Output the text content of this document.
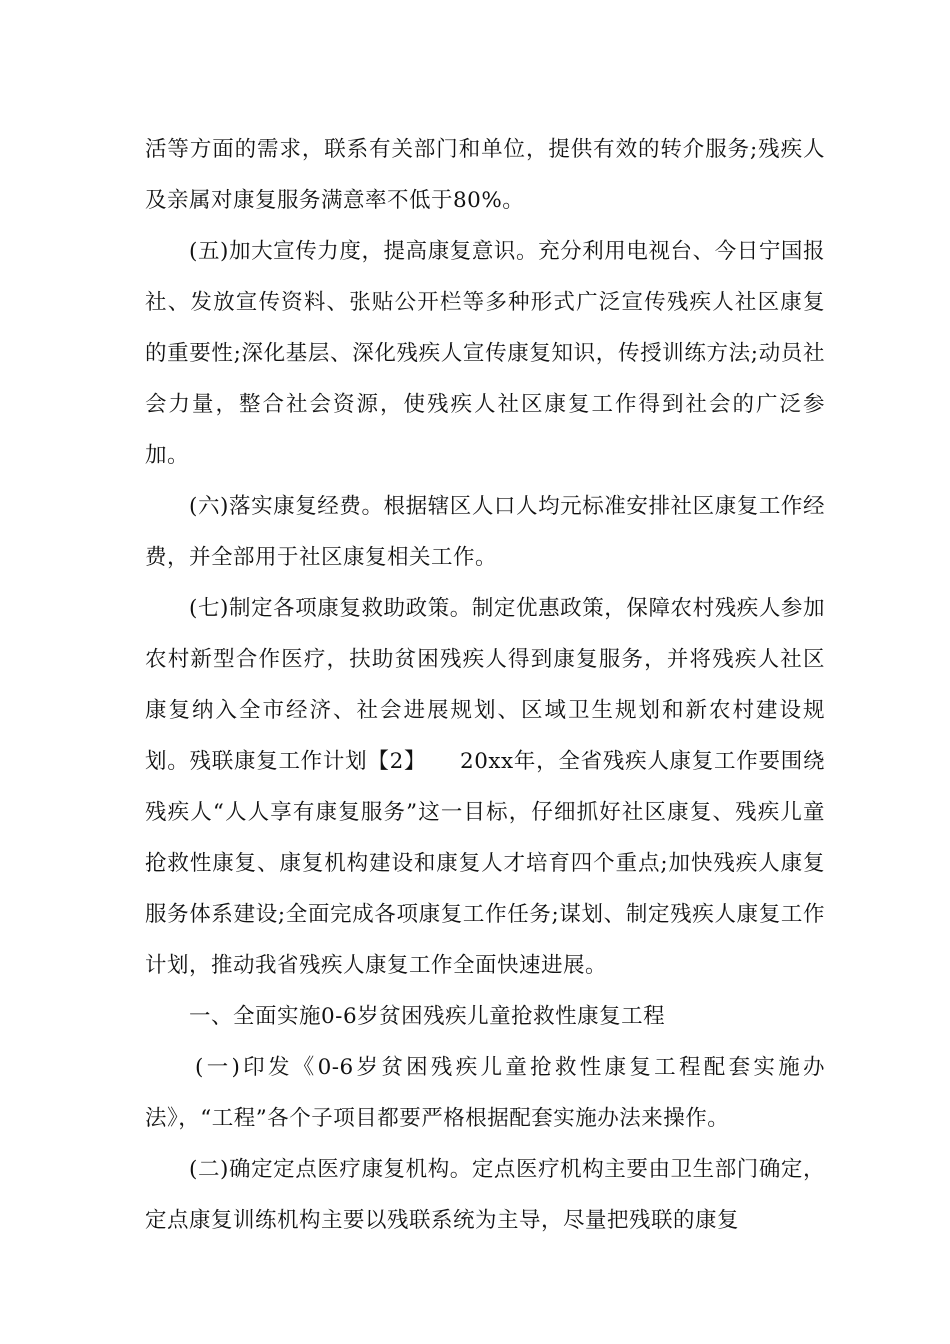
活等方面的需求，联系有关部门和单位，提供有效的转介服务;残疾人及亲属对康复服务满意率不低于80%。

(五)加大宣传力度，提高康复意识。充分利用电视台、今日宁国报社、发放宣传资料、张贴公开栏等多种形式广泛宣传残疾人社区康复的重要性;深化基层、深化残疾人宣传康复知识，传授训练方法;动员社会力量，整合社会资源，使残疾人社区康复工作得到社会的广泛参加。

(六)落实康复经费。根据辖区人口人均元标准安排社区康复工作经费，并全部用于社区康复相关工作。

(七)制定各项康复救助政策。制定优惠政策，保障农村残疾人参加农村新型合作医疗，扶助贫困残疾人得到康复服务，并将残疾人社区康复纳入全市经济、社会进展规划、区域卫生规划和新农村建设规划。残联康复工作计划【2】　　20xx年，全省残疾人康复工作要围绕残疾人“人人享有康复服务”这一目标，仔细抓好社区康复、残疾儿童抢救性康复、康复机构建设和康复人才培育四个重点;加快残疾人康复服务体系建设;全面完成各项康复工作任务;谋划、制定残疾人康复工作计划，推动我省残疾人康复工作全面快速进展。

一、全面实施0-6岁贫困残疾儿童抢救性康复工程

(一)印发《0-6岁贫困残疾儿童抢救性康复工程配套实施办法》，“工程”各个子项目都要严格根据配套实施办法来操作。

(二)确定定点医疗康复机构。定点医疗机构主要由卫生部门确定，定点康复训练机构主要以残联系统为主导，尽量把残联的康复
